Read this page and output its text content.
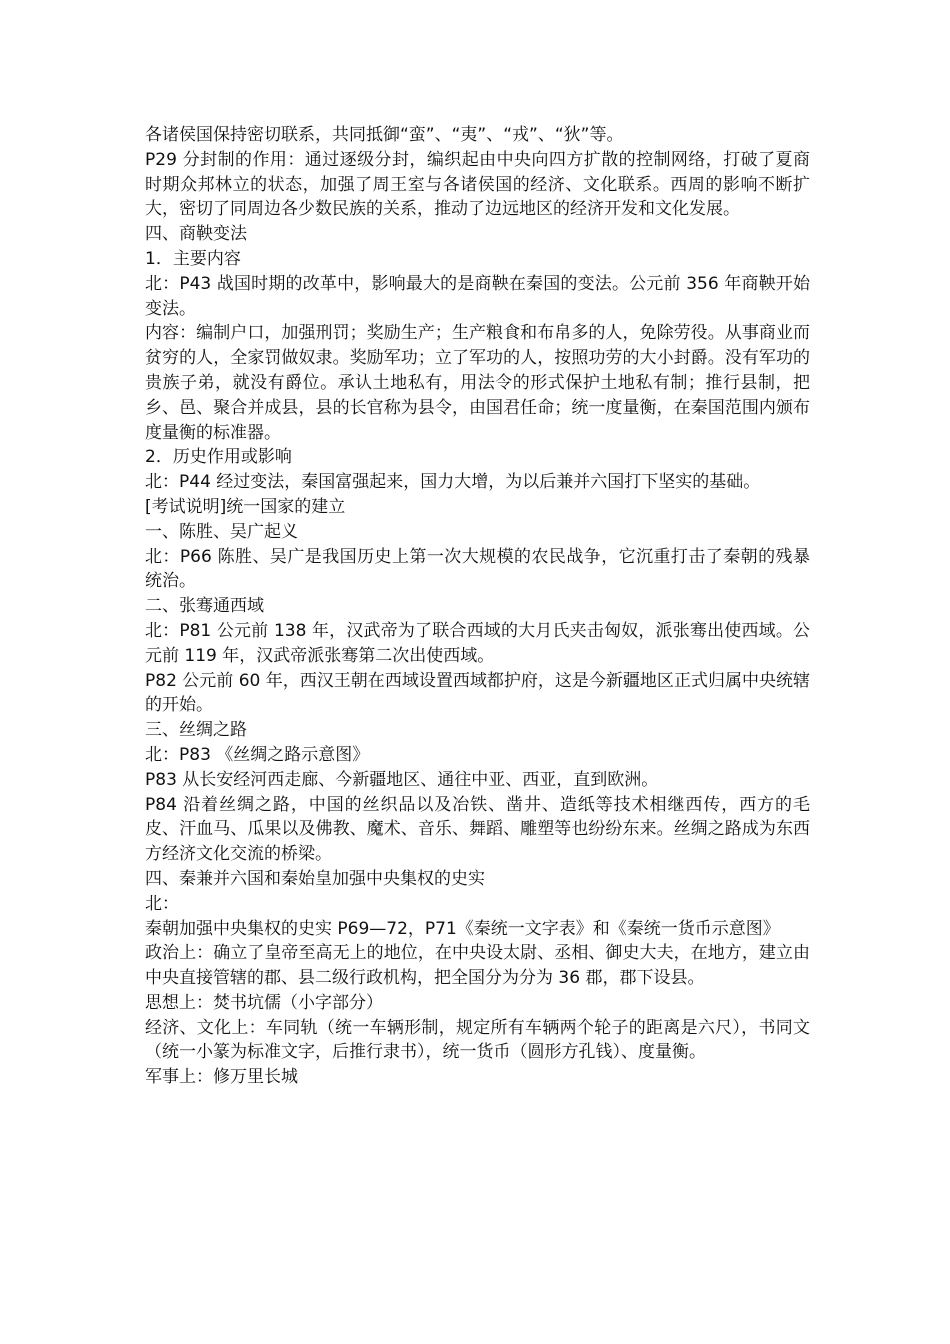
各诸侯国保持密切联系，共同抵御“蛮”、“夷”、“戎”、“狄”等。

P29 分封制的作用：通过逐级分封，编织起由中央向四方扩散的控制网络，打破了夏商时期众邦林立的状态，加强了周王室与各诸侯国的经济、文化联系。西周的影响不断扩大，密切了同周边各少数民族的关系，推动了边远地区的经济开发和文化发展。

四、商鞅变法

1．主要内容

北：P43 战国时期的改革中，影响最大的是商鞅在秦国的变法。公元前 356 年商鞅开始变法。

内容：编制户口，加强刑罚；奖励生产；生产粮食和布帛多的人，免除劳役。从事商业而贫穷的人，全家罚做奴隶。奖励军功；立了军功的人，按照功劳的大小封爵。没有军功的贵族子弟，就没有爵位。承认土地私有，用法令的形式保护土地私有制；推行县制，把乡、邑、聚合并成县，县的长官称为县令，由国君任命；统一度量衡，在秦国范围内颁布度量衡的标准器。

2．历史作用或影响

北：P44 经过变法，秦国富强起来，国力大增，为以后兼并六国打下坚实的基础。

[考试说明]统一国家的建立

一、陈胜、吴广起义

北：P66 陈胜、吴广是我国历史上第一次大规模的农民战争，它沉重打击了秦朝的残暴统治。

二、张骞通西域

北：P81 公元前 138 年，汉武帝为了联合西域的大月氏夹击匈奴，派张骞出使西域。公元前 119 年，汉武帝派张骞第二次出使西域。

P82 公元前 60 年，西汉王朝在西域设置西域都护府，这是今新疆地区正式归属中央统辖的开始。

三、丝绸之路

北：P83 《丝绸之路示意图》

P83 从长安经河西走廊、今新疆地区、通往中亚、西亚，直到欧洲。

P84 沿着丝绸之路，中国的丝织品以及冶铁、凿井、造纸等技术相继西传，西方的毛皮、汗血马、瓜果以及佛教、魔术、音乐、舞蹈、雕塑等也纷纷东来。丝绸之路成为东西方经济文化交流的桥梁。

四、秦兼并六国和秦始皇加强中央集权的史实

北：

秦朝加强中央集权的史实 P69—72，P71《秦统一文字表》和《秦统一货币示意图》

政治上：确立了皇帝至高无上的地位，在中央设太尉、丞相、御史大夫，在地方，建立由中央直接管辖的郡、县二级行政机构，把全国分为分为 36 郡，郡下设县。

思想上：焚书坑儒（小字部分）

经济、文化上：车同轨（统一车辆形制，规定所有车辆两个轮子的距离是六尺），书同文（统一小篆为标准文字，后推行隶书），统一货币（圆形方孔钱）、度量衡。

军事上：修万里长城
